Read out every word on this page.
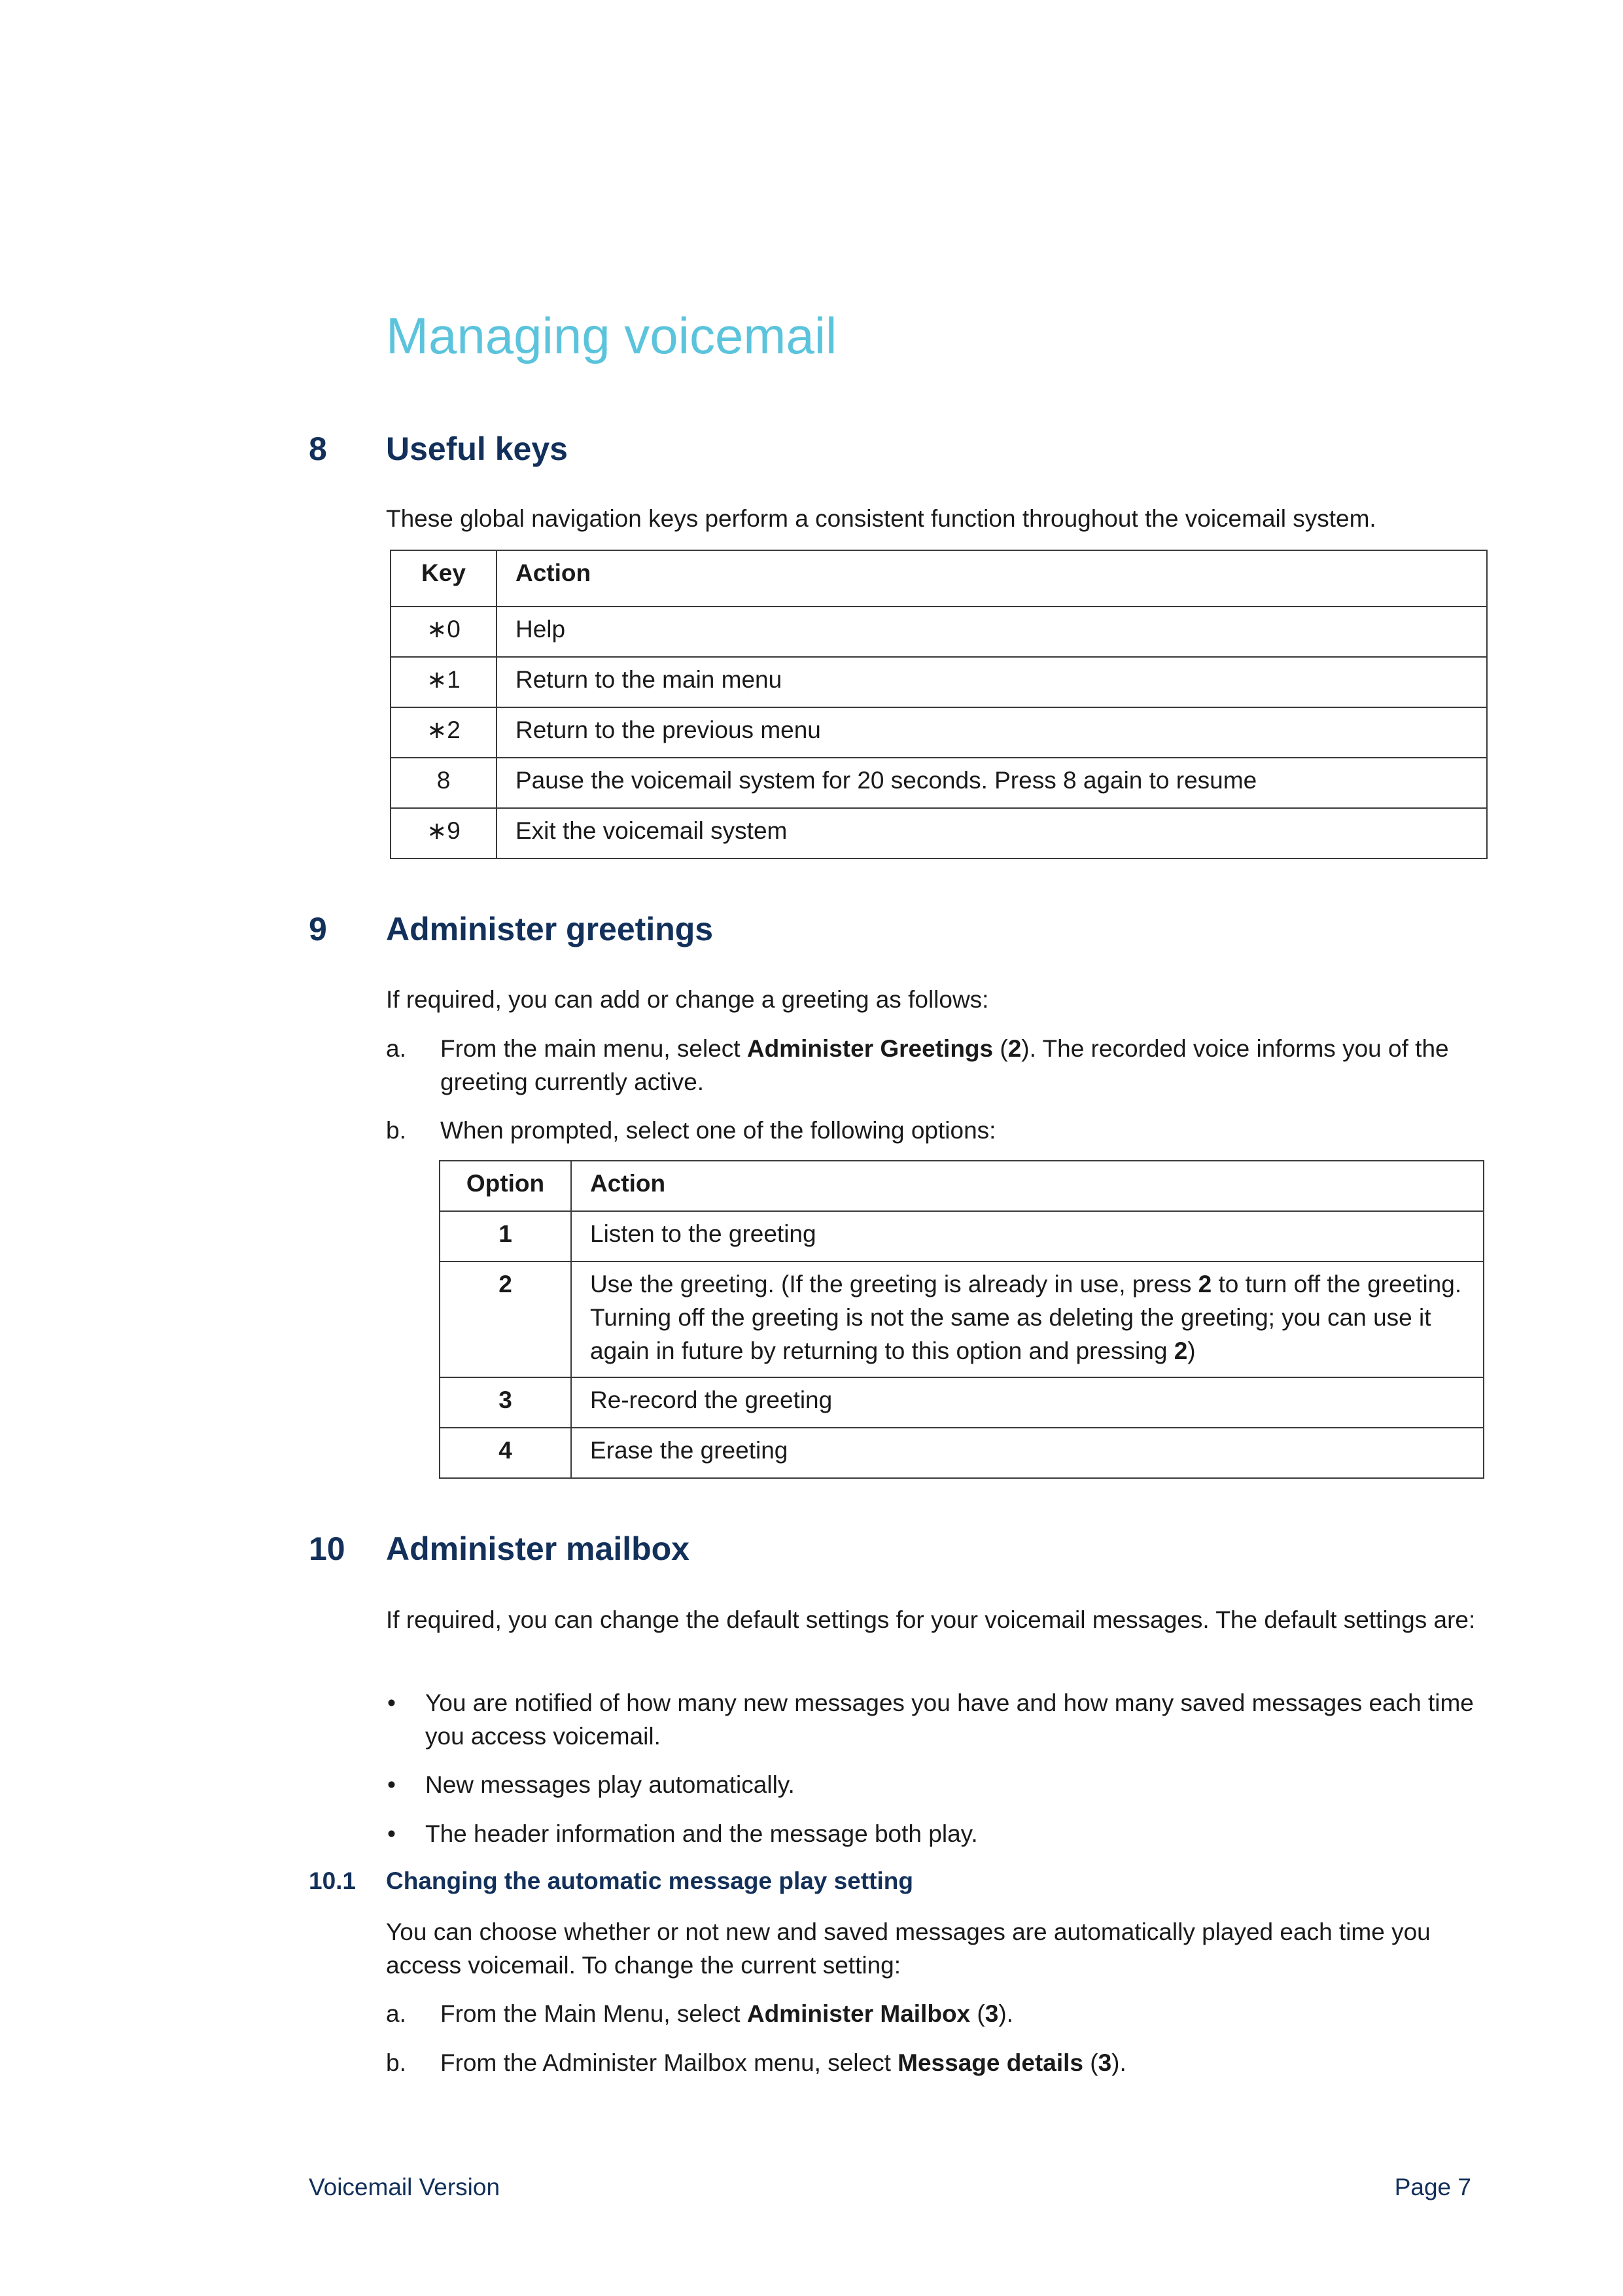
Managing voicemail
8 Useful keys
These global navigation keys perform a consistent function throughout the voicemail system.
Key	Action
∗0	Help
∗1	Return to the main menu
∗2	Return to the previous menu
8	Pause the voicemail system for 20 seconds. Press 8 again to resume
∗9	Exit the voicemail system
9 Administer greetings
If required, you can add or change a greeting as follows:
a. From the main menu, select Administer Greetings (2). The recorded voice informs you of the greeting currently active.
b. When prompted, select one of the following options:
Option	Action
1	Listen to the greeting
2	Use the greeting. (If the greeting is already in use, press 2 to turn off the greeting. Turning off the greeting is not the same as deleting the greeting; you can use it again in future by returning to this option and pressing 2)
3	Re-record the greeting
4	Erase the greeting
10 Administer mailbox
If required, you can change the default settings for your voicemail messages. The default settings are:
• You are notified of how many new messages you have and how many saved messages each time you access voicemail.
• New messages play automatically.
• The header information and the message both play.
10.1 Changing the automatic message play setting
You can choose whether or not new and saved messages are automatically played each time you access voicemail. To change the current setting:
a. From the Main Menu, select Administer Mailbox (3).
b. From the Administer Mailbox menu, select Message details (3).
Voicemail Version	Page 7
